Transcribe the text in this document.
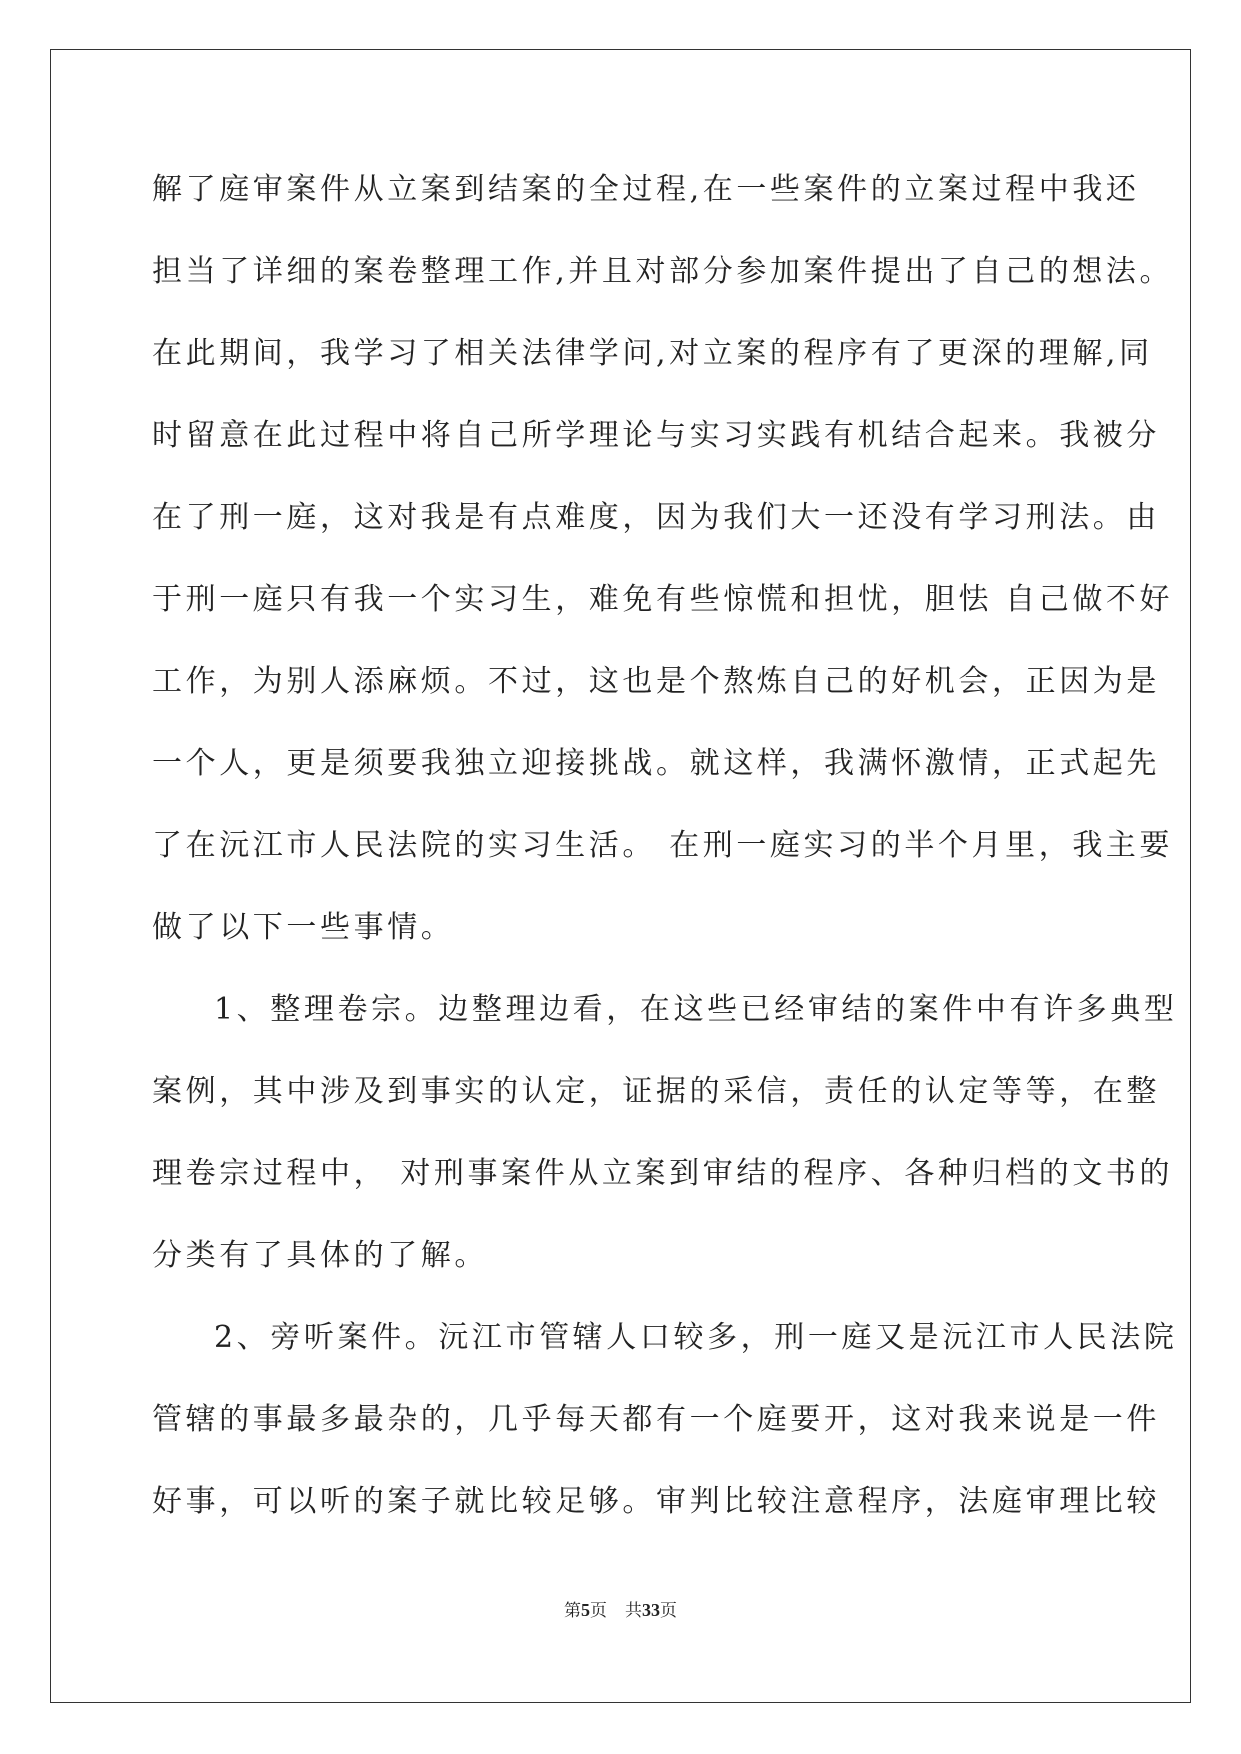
解了庭审案件从立案到结案的全过程,在一些案件的立案过程中我还
担当了详细的案卷整理工作,并且对部分参加案件提出了自己的想法。
在此期间，我学习了相关法律学问,对立案的程序有了更深的理解,同
时留意在此过程中将自己所学理论与实习实践有机结合起来。我被分
在了刑一庭，这对我是有点难度，因为我们大一还没有学习刑法。由
于刑一庭只有我一个实习生，难免有些惊慌和担忧，胆怯 自己做不好
工作，为别人添麻烦。不过，这也是个熬炼自己的好机会，正因为是
一个人，更是须要我独立迎接挑战。就这样，我满怀激情，正式起先
了在沅江市人民法院的实习生活。 在刑一庭实习的半个月里，我主要
做了以下一些事情。
1、整理卷宗。边整理边看，在这些已经审结的案件中有许多典型
案例，其中涉及到事实的认定，证据的采信，责任的认定等等，在整
理卷宗过程中， 对刑事案件从立案到审结的程序、各种归档的文书的
分类有了具体的了解。
2、旁听案件。沅江市管辖人口较多，刑一庭又是沅江市人民法院
管辖的事最多最杂的，几乎每天都有一个庭要开，这对我来说是一件
好事，可以听的案子就比较足够。审判比较注意程序，法庭审理比较
第5页 共33页
